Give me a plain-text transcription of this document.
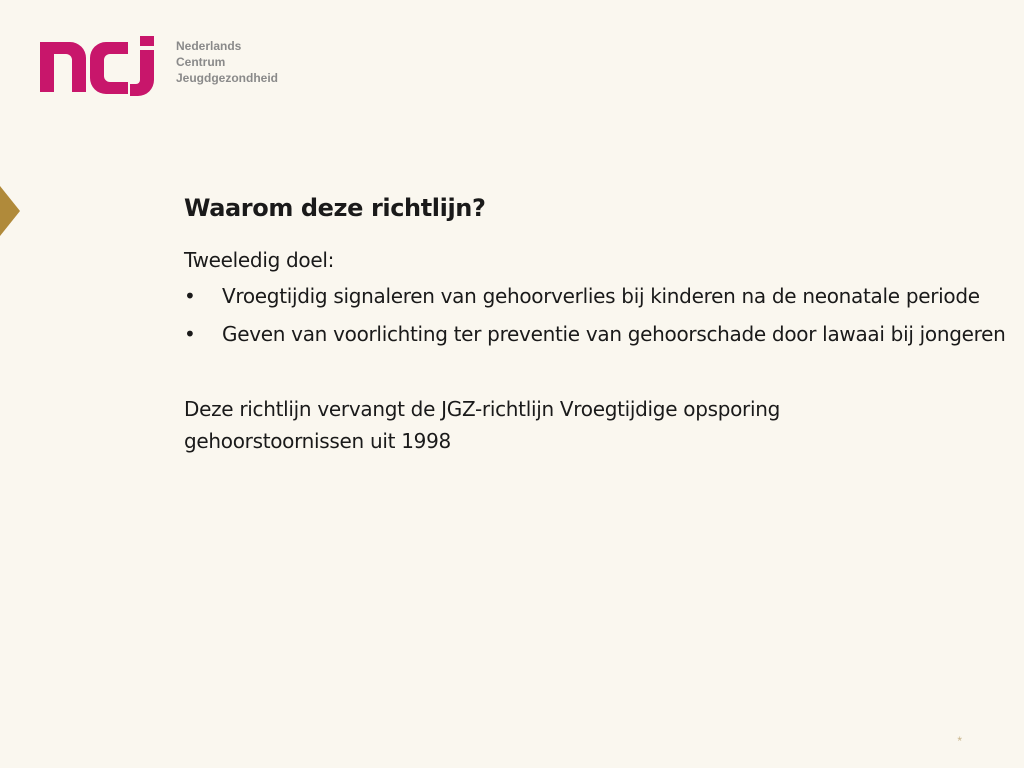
Nederlands
Centrum
Jeugdgezondheid
Waarom deze richtlijn?
Tweeledig doel:
• Vroegtijdig signaleren van gehoorverlies bij kinderen na de neonatale periode
• Geven van voorlichting ter preventie van gehoorschade door lawaai bij jongeren
Deze richtlijn vervangt de JGZ-richtlijn Vroegtijdige opsporing gehoorstoornissen uit 1998
*
